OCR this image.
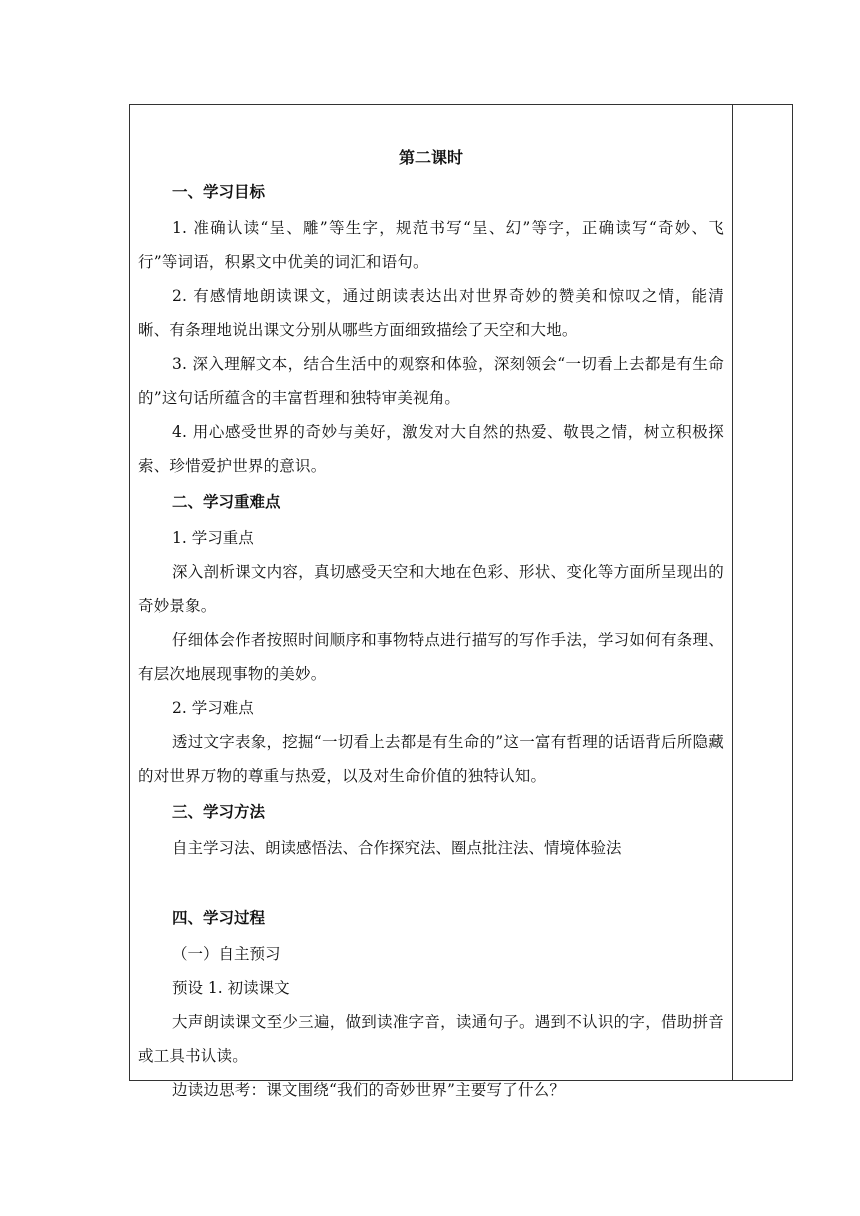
第二课时
一、学习目标

1. 准确认读“呈、雕”等生字，规范书写“呈、幻”等字，正确读写“奇妙、飞行”等词语，积累文中优美的词汇和语句。

2. 有感情地朗读课文，通过朗读表达出对世界奇妙的赞美和惊叹之情，能清晰、有条理地说出课文分别从哪些方面细致描绘了天空和大地。

3. 深入理解文本，结合生活中的观察和体验，深刻领会“一切看上去都是有生命的”这句话所蕴含的丰富哲理和独特审美视角。

4. 用心感受世界的奇妙与美好，激发对大自然的热爱、敬畏之情，树立积极探索、珍惜爱护世界的意识。

二、学习重难点

1. 学习重点

深入剖析课文内容，真切感受天空和大地在色彩、形状、变化等方面所呈现出的奇妙景象。

仔细体会作者按照时间顺序和事物特点进行描写的写作手法，学习如何有条理、有层次地展现事物的美妙。

2. 学习难点

透过文字表象，挖掘“一切看上去都是有生命的”这一富有哲理的话语背后所隐藏的对世界万物的尊重与热爱，以及对生命价值的独特认知。

三、学习方法

自主学习法、朗读感悟法、合作探究法、圈点批注法、情境体验法

四、学习过程

（一）自主预习

预设 1. 初读课文

大声朗读课文至少三遍，做到读准字音，读通句子。遇到不认识的字，借助拼音或工具书认读。

边读边思考：课文围绕“我们的奇妙世界”主要写了什么？
